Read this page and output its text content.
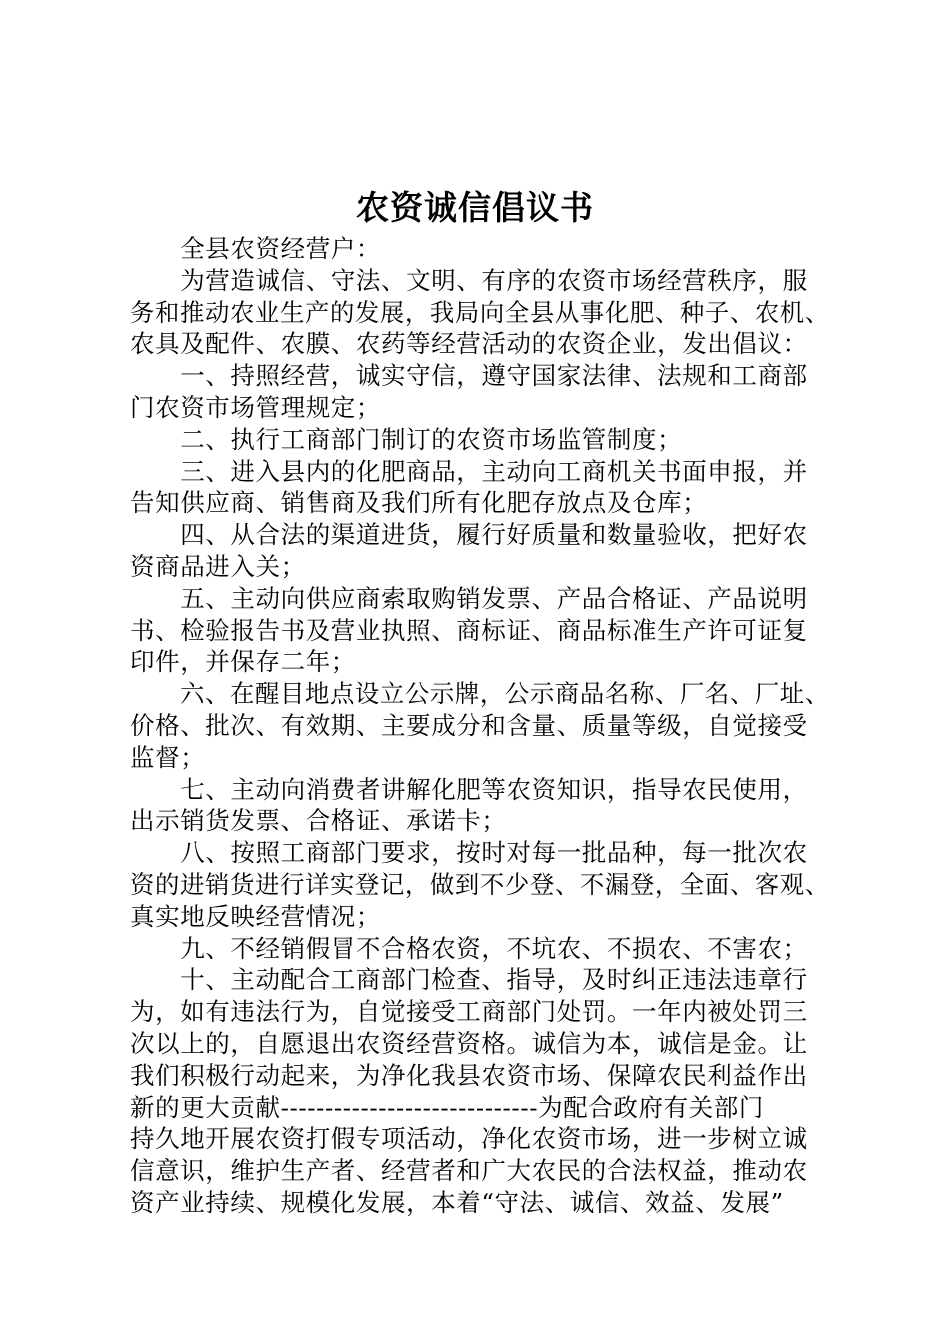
农资诚信倡议书
　　全县农资经营户：
　　为营造诚信、守法、文明、有序的农资市场经营秩序，服
务和推动农业生产的发展，我局向全县从事化肥、种子、农机、
农具及配件、农膜、农药等经营活动的农资企业，发出倡议：
　　一、持照经营，诚实守信，遵守国家法律、法规和工商部
门农资市场管理规定；
　　二、执行工商部门制订的农资市场监管制度；
　　三、进入县内的化肥商品，主动向工商机关书面申报，并
告知供应商、销售商及我们所有化肥存放点及仓库；
　　四、从合法的渠道进货，履行好质量和数量验收，把好农
资商品进入关；
　　五、主动向供应商索取购销发票、产品合格证、产品说明
书、检验报告书及营业执照、商标证、商品标准生产许可证复
印件，并保存二年；
　　六、在醒目地点设立公示牌，公示商品名称、厂名、厂址、
价格、批次、有效期、主要成分和含量、质量等级，自觉接受
监督；
　　七、主动向消费者讲解化肥等农资知识，指导农民使用，
出示销货发票、合格证、承诺卡；
　　八、按照工商部门要求，按时对每一批品种，每一批次农
资的进销货进行详实登记，做到不少登、不漏登，全面、客观、
真实地反映经营情况；
　　九、不经销假冒不合格农资，不坑农、不损农、不害农；
　　十、主动配合工商部门检查、指导，及时纠正违法违章行
为，如有违法行为，自觉接受工商部门处罚。一年内被处罚三
次以上的，自愿退出农资经营资格。诚信为本，诚信是金。让
我们积极行动起来，为净化我县农资市场、保障农民利益作出
新的更大贡献-----------------------------为配合政府有关部门
持久地开展农资打假专项活动，净化农资市场，进一步树立诚
信意识，维护生产者、经营者和广大农民的合法权益，推动农
资产业持续、规模化发展，本着“守法、诚信、效益、发展”
